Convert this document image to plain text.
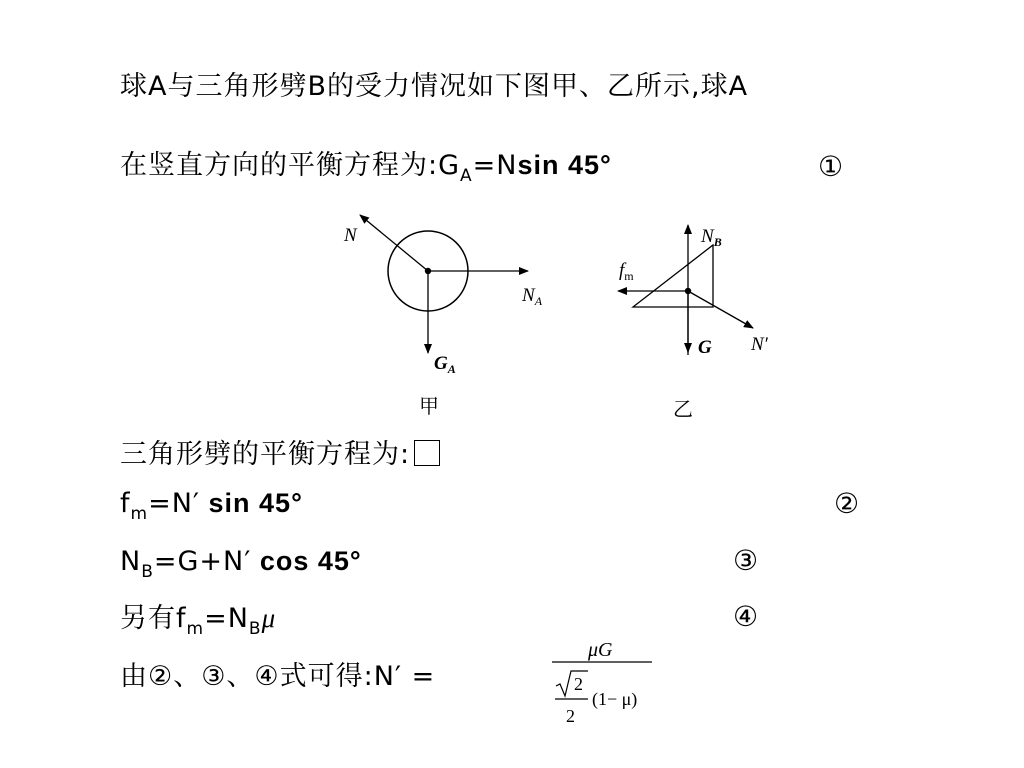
球A与三角形劈B的受力情况如下图甲、乙所示,球A
在竖直方向的平衡方程为$:G_A=Nsin$ 45°	①
N
$N_A$
$G_A$
甲
$N_B$
$f_m$
G N′
乙
三角形劈的平衡方程为:
$f_m=N'$ sin 45°	②
$N_B=G+N'$ cos 45°	③
另有$f_m=N_B\mu$	④
由②、③、④式可得:N′ =
μG
2
2
(1− μ)
